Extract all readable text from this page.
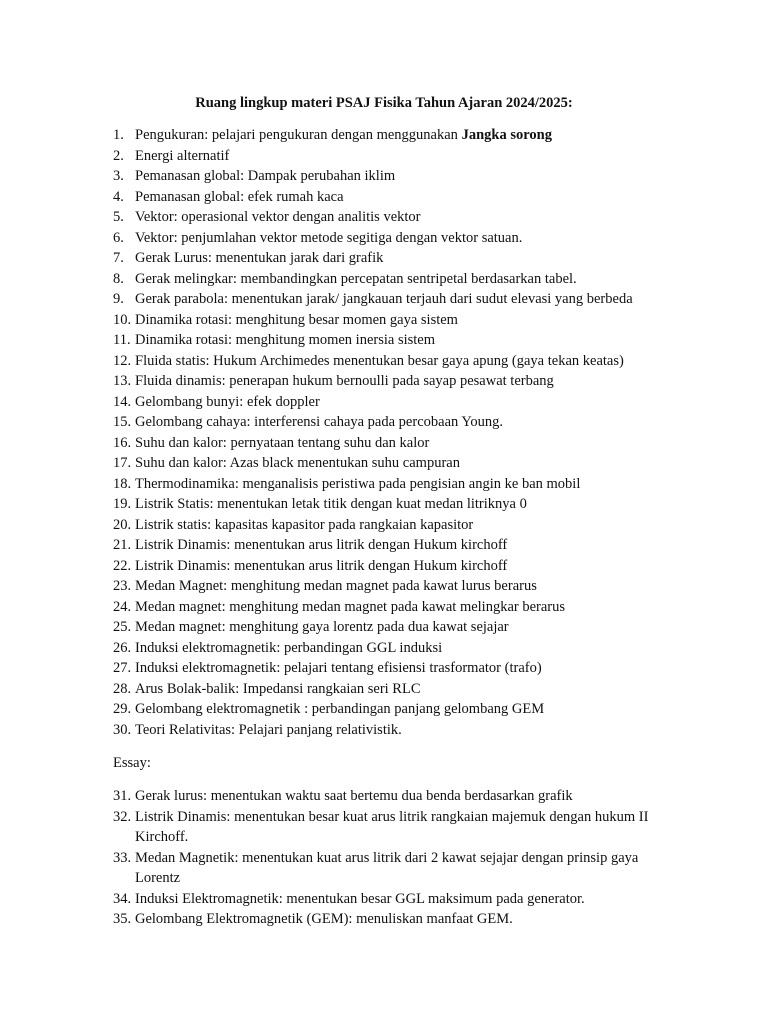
Ruang lingkup materi PSAJ Fisika Tahun Ajaran 2024/2025:
1. Pengukuran: pelajari pengukuran dengan menggunakan Jangka sorong
2. Energi alternatif
3. Pemanasan global: Dampak perubahan iklim
4. Pemanasan global: efek rumah kaca
5. Vektor: operasional vektor dengan analitis vektor
6. Vektor: penjumlahan vektor metode segitiga dengan vektor satuan.
7. Gerak Lurus: menentukan jarak dari grafik
8. Gerak melingkar: membandingkan percepatan sentripetal berdasarkan tabel.
9. Gerak parabola: menentukan jarak/ jangkauan terjauh dari sudut elevasi yang berbeda
10. Dinamika rotasi: menghitung besar momen gaya sistem
11. Dinamika rotasi: menghitung momen inersia sistem
12. Fluida statis: Hukum Archimedes menentukan besar gaya apung (gaya tekan keatas)
13. Fluida dinamis: penerapan hukum bernoulli pada sayap pesawat terbang
14. Gelombang bunyi: efek doppler
15. Gelombang cahaya: interferensi cahaya pada percobaan Young.
16. Suhu dan kalor: pernyataan tentang suhu dan kalor
17. Suhu dan kalor: Azas black menentukan suhu campuran
18. Thermodinamika: menganalisis peristiwa pada pengisian angin ke ban mobil
19. Listrik Statis: menentukan letak titik dengan kuat medan litriknya 0
20. Listrik statis: kapasitas kapasitor pada rangkaian kapasitor
21. Listrik Dinamis: menentukan arus litrik dengan Hukum kirchoff
22. Listrik Dinamis: menentukan arus litrik dengan Hukum kirchoff
23. Medan Magnet: menghitung medan magnet pada kawat lurus berarus
24. Medan magnet: menghitung medan magnet pada kawat melingkar berarus
25. Medan magnet: menghitung gaya lorentz pada dua kawat sejajar
26. Induksi elektromagnetik: perbandingan GGL induksi
27. Induksi elektromagnetik: pelajari tentang efisiensi trasformator (trafo)
28. Arus Bolak-balik: Impedansi rangkaian seri RLC
29. Gelombang elektromagnetik : perbandingan panjang gelombang GEM
30. Teori Relativitas: Pelajari panjang relativistik.
Essay:
31. Gerak lurus: menentukan waktu saat bertemu dua benda berdasarkan grafik
32. Listrik Dinamis: menentukan besar kuat arus litrik rangkaian majemuk dengan hukum II Kirchoff.
33. Medan Magnetik: menentukan kuat arus litrik dari 2 kawat sejajar dengan prinsip gaya Lorentz
34. Induksi Elektromagnetik: menentukan besar GGL maksimum pada generator.
35. Gelombang Elektromagnetik (GEM): menuliskan manfaat GEM.
